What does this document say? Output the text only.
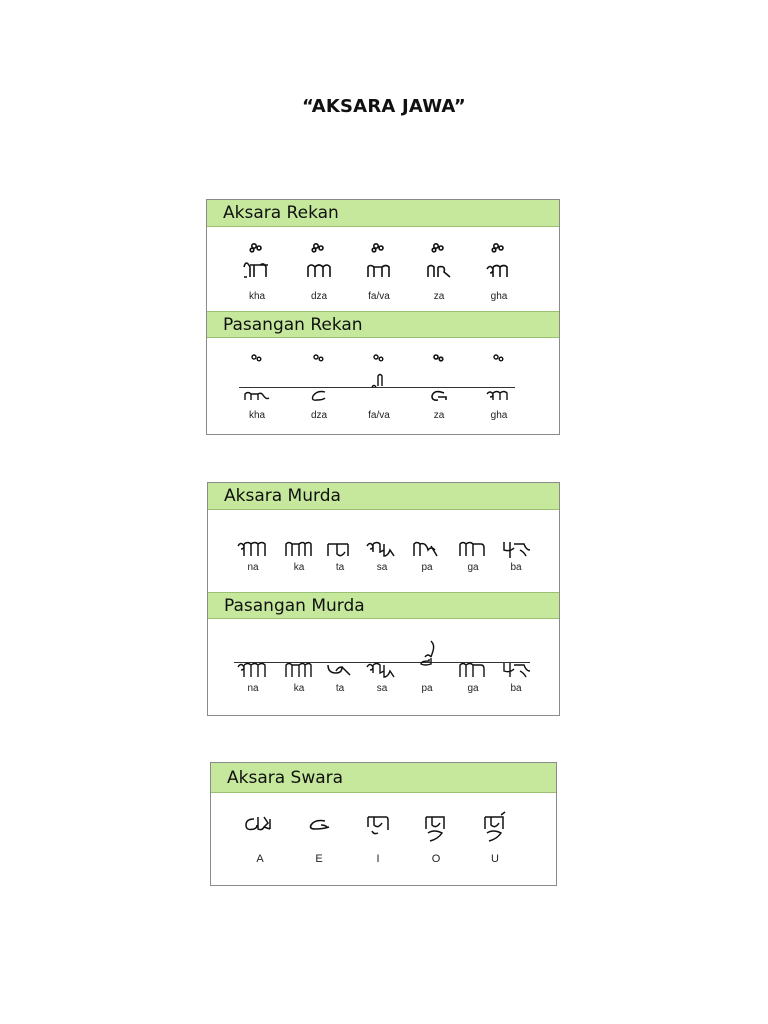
“AKSARA JAWA”
Aksara Rekan
kha	dza	fa/va	za	gha
Pasangan Rekan
kha	dza	fa/va	za	gha
Aksara Murda
na	ka	ta	sa	pa	ga	ba
Pasangan Murda
na	ka	ta	sa	pa	ga	ba
Aksara Swara
A	E	I	O	U
